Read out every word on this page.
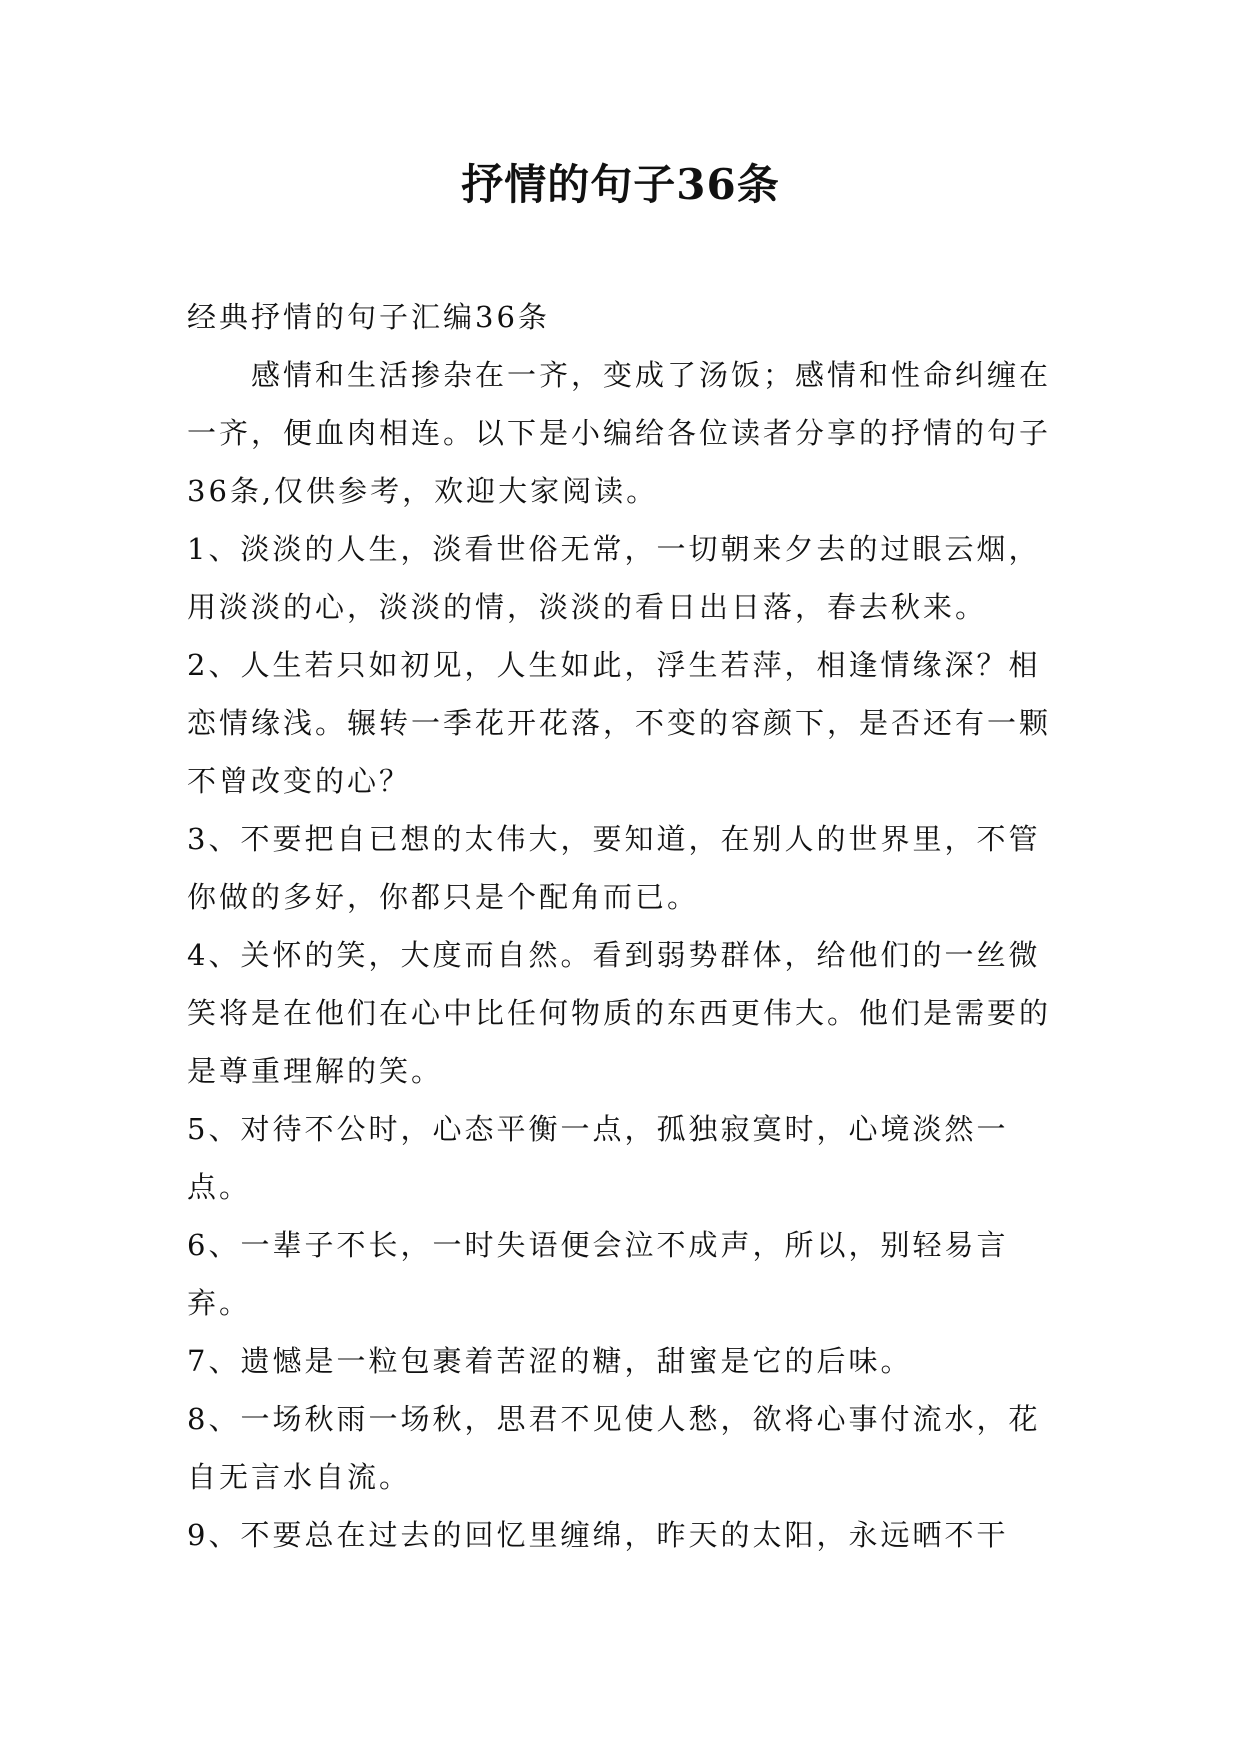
抒情的句子36条

经典抒情的句子汇编36条

感情和生活掺杂在一齐，变成了汤饭；感情和性命纠缠在一齐，便血肉相连。以下是小编给各位读者分享的抒情的句子36条,仅供参考，欢迎大家阅读。

1、淡淡的人生，淡看世俗无常，一切朝来夕去的过眼云烟，用淡淡的心，淡淡的情，淡淡的看日出日落，春去秋来。

2、人生若只如初见，人生如此，浮生若萍，相逢情缘深？相恋情缘浅。辗转一季花开花落，不变的容颜下，是否还有一颗不曾改变的心？

3、不要把自已想的太伟大，要知道，在别人的世界里，不管你做的多好，你都只是个配角而已。

4、关怀的笑，大度而自然。看到弱势群体，给他们的一丝微笑将是在他们在心中比任何物质的东西更伟大。他们是需要的是尊重理解的笑。

5、对待不公时，心态平衡一点，孤独寂寞时，心境淡然一点。

6、一辈子不长，一时失语便会泣不成声，所以，别轻易言弃。

7、遗憾是一粒包裹着苦涩的糖，甜蜜是它的后味。

8、一场秋雨一场秋，思君不见使人愁，欲将心事付流水，花自无言水自流。

9、不要总在过去的回忆里缠绵，昨天的太阳，永远晒不干
